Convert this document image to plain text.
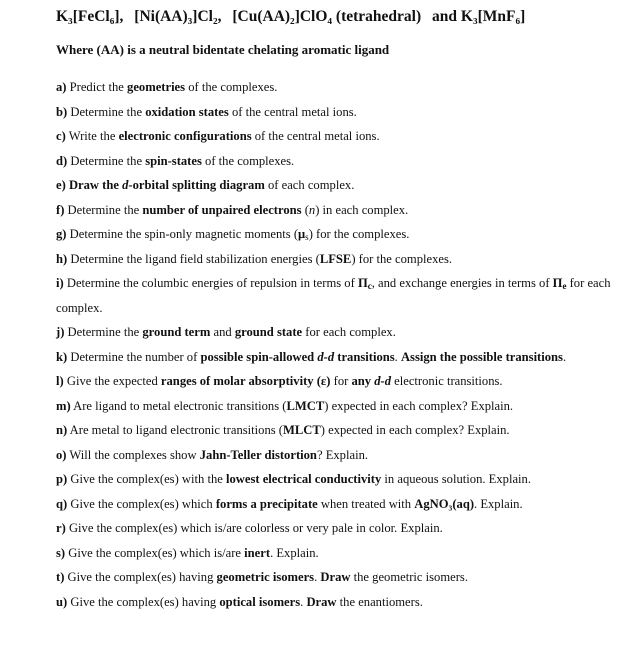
K₃[FeCl₆], [Ni(AA)₃]Cl₂, [Cu(AA)₂]ClO₄ (tetrahedral) and K₃[MnF₆]
Where (AA) is a neutral bidentate chelating aromatic ligand

a) Predict the geometries of the complexes.

b) Determine the oxidation states of the central metal ions.

c) Write the electronic configurations of the central metal ions.

d) Determine the spin-states of the complexes.

e) Draw the d-orbital splitting diagram of each complex.

f) Determine the number of unpaired electrons (n) in each complex.

g) Determine the spin-only magnetic moments $(\mu_s)$ for the complexes.

h) Determine the ligand field stabilization energies (LFSE) for the complexes.

i) Determine the columbic energies of repulsion in terms of $\Pi_c$, and exchange energies in terms of $\Pi_e$ for each complex.

j) Determine the ground term and ground state for each complex.

k) Determine the number of possible spin-allowed d-d transitions. Assign the possible transitions.

l) Give the expected ranges of molar absorptivity (ε) for any d-d electronic transitions.

m) Are ligand to metal electronic transitions (LMCT) expected in each complex? Explain.

n) Are metal to ligand electronic transitions (MLCT) expected in each complex? Explain.

o) Will the complexes show Jahn-Teller distortion? Explain.

p) Give the complex(es) with the lowest electrical conductivity in aqueous solution. Explain.

q) Give the complex(es) which forms a precipitate when treated with AgNO₃(aq). Explain.

r) Give the complex(es) which is/are colorless or very pale in color. Explain.

s) Give the complex(es) which is/are inert. Explain.

t) Give the complex(es) having geometric isomers. Draw the geometric isomers.

u) Give the complex(es) having optical isomers. Draw the enantiomers.
